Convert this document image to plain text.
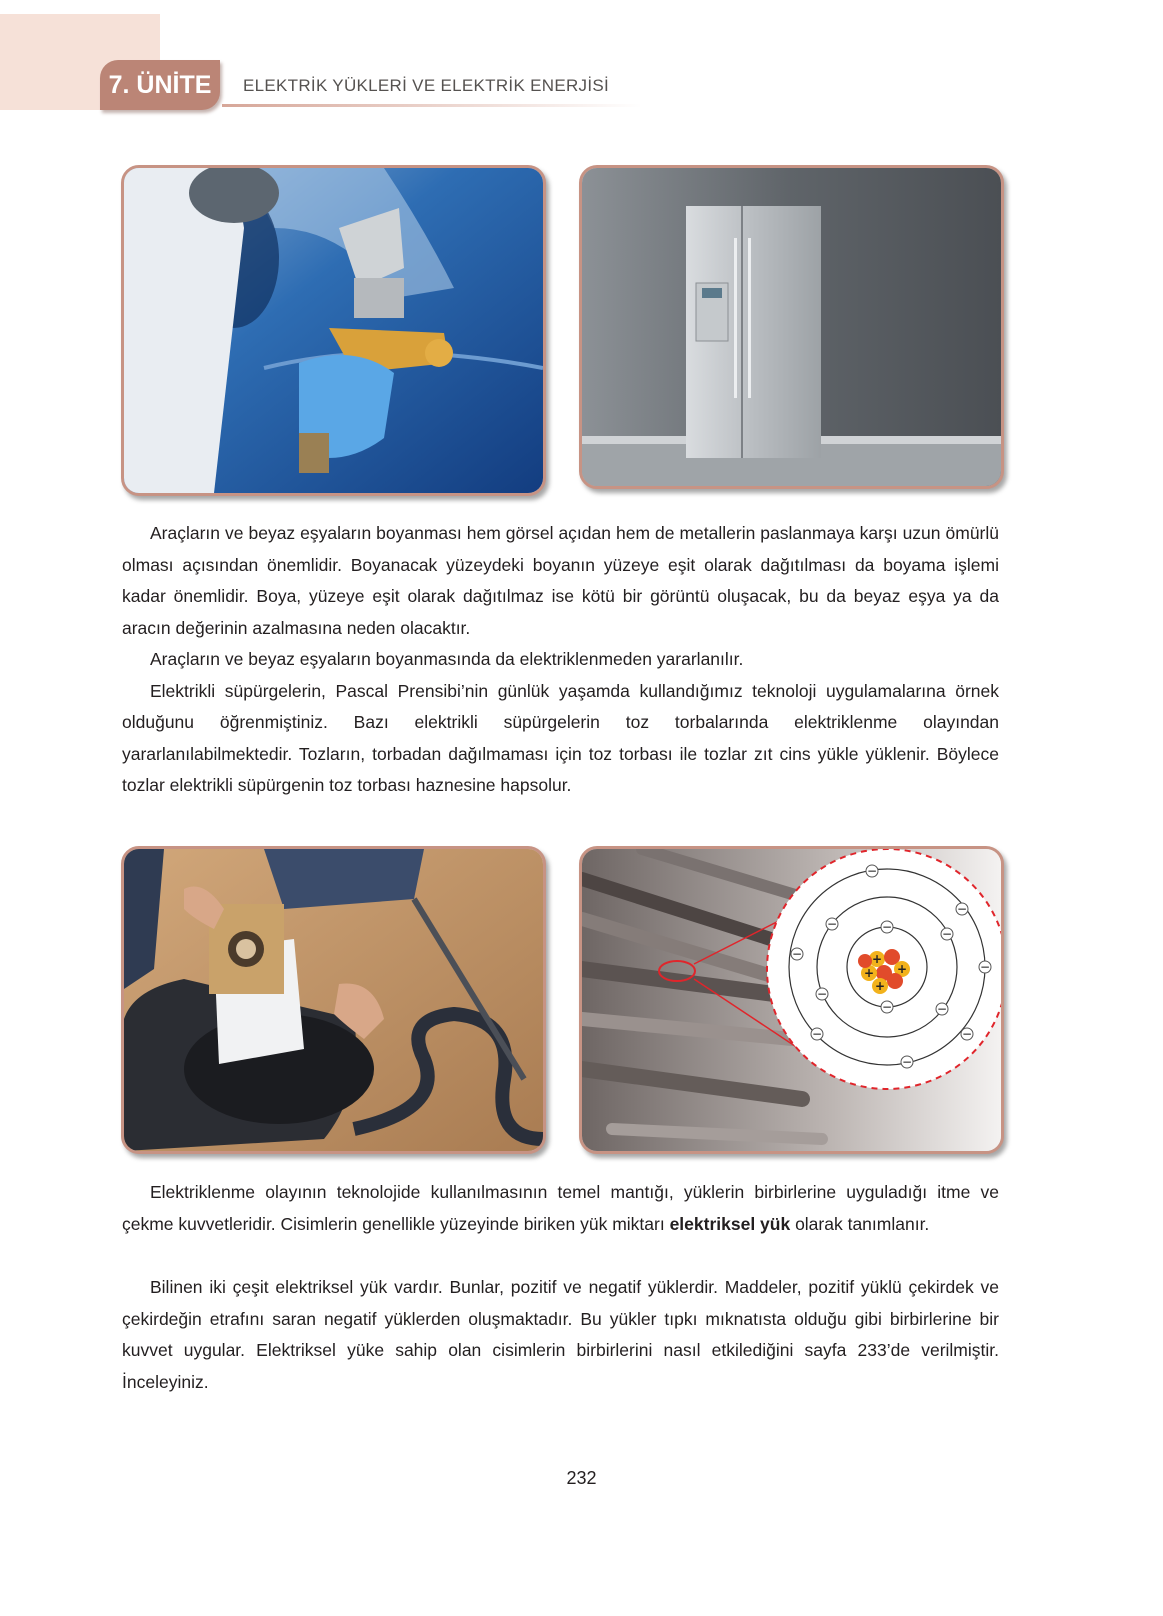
7. ÜNİTE ELEKTRİK YÜKLERİ VE ELEKTRİK ENERJİSİ

Araçların ve beyaz eşyaların boyanması hem görsel açıdan hem de metallerin paslanmaya karşı uzun ömürlü olması açısından önemlidir. Boyanacak yüzeydeki boyanın yüzeye eşit olarak dağıtılması da boyama işlemi kadar önemlidir. Boya, yüzeye eşit olarak dağıtılmaz ise kötü bir görüntü oluşacak, bu da beyaz eşya ya da aracın değerinin azalmasına neden olacaktır.

Araçların ve beyaz eşyaların boyanmasında da elektriklenmeden yararlanılır.

Elektrikli süpürgelerin, Pascal Prensibi’nin günlük yaşamda kullandığımız teknoloji uygulamalarına örnek olduğunu öğrenmiştiniz. Bazı elektrikli süpürgelerin toz torbalarında elektriklenme olayından yararlanılabilmektedir. Tozların, torbadan dağılmaması için toz torbası ile tozlar zıt cins yükle yüklenir. Böylece tozlar elektrikli süpürgenin toz torbası haznesine hapsolur.

+
+
+
+
−
−
−
−
−
−
−
−
−
−
−
−
−

Elektriklenme olayının teknolojide kullanılmasının temel mantığı, yüklerin birbirlerine uyguladığı itme ve çekme kuvvetleridir. Cisimlerin genellikle yüzeyinde biriken yük miktarı elektriksel yük olarak tanımlanır.

Bilinen iki çeşit elektriksel yük vardır. Bunlar, pozitif ve negatif yüklerdir. Maddeler, pozitif yüklü çekirdek ve çekirdeğin etrafını saran negatif yüklerden oluşmaktadır. Bu yükler tıpkı mıknatısta olduğu gibi birbirlerine bir kuvvet uygular. Elektriksel yüke sahip olan cisimlerin birbirlerini nasıl etkilediğini sayfa 233’de verilmiştir. İnceleyiniz.

232
